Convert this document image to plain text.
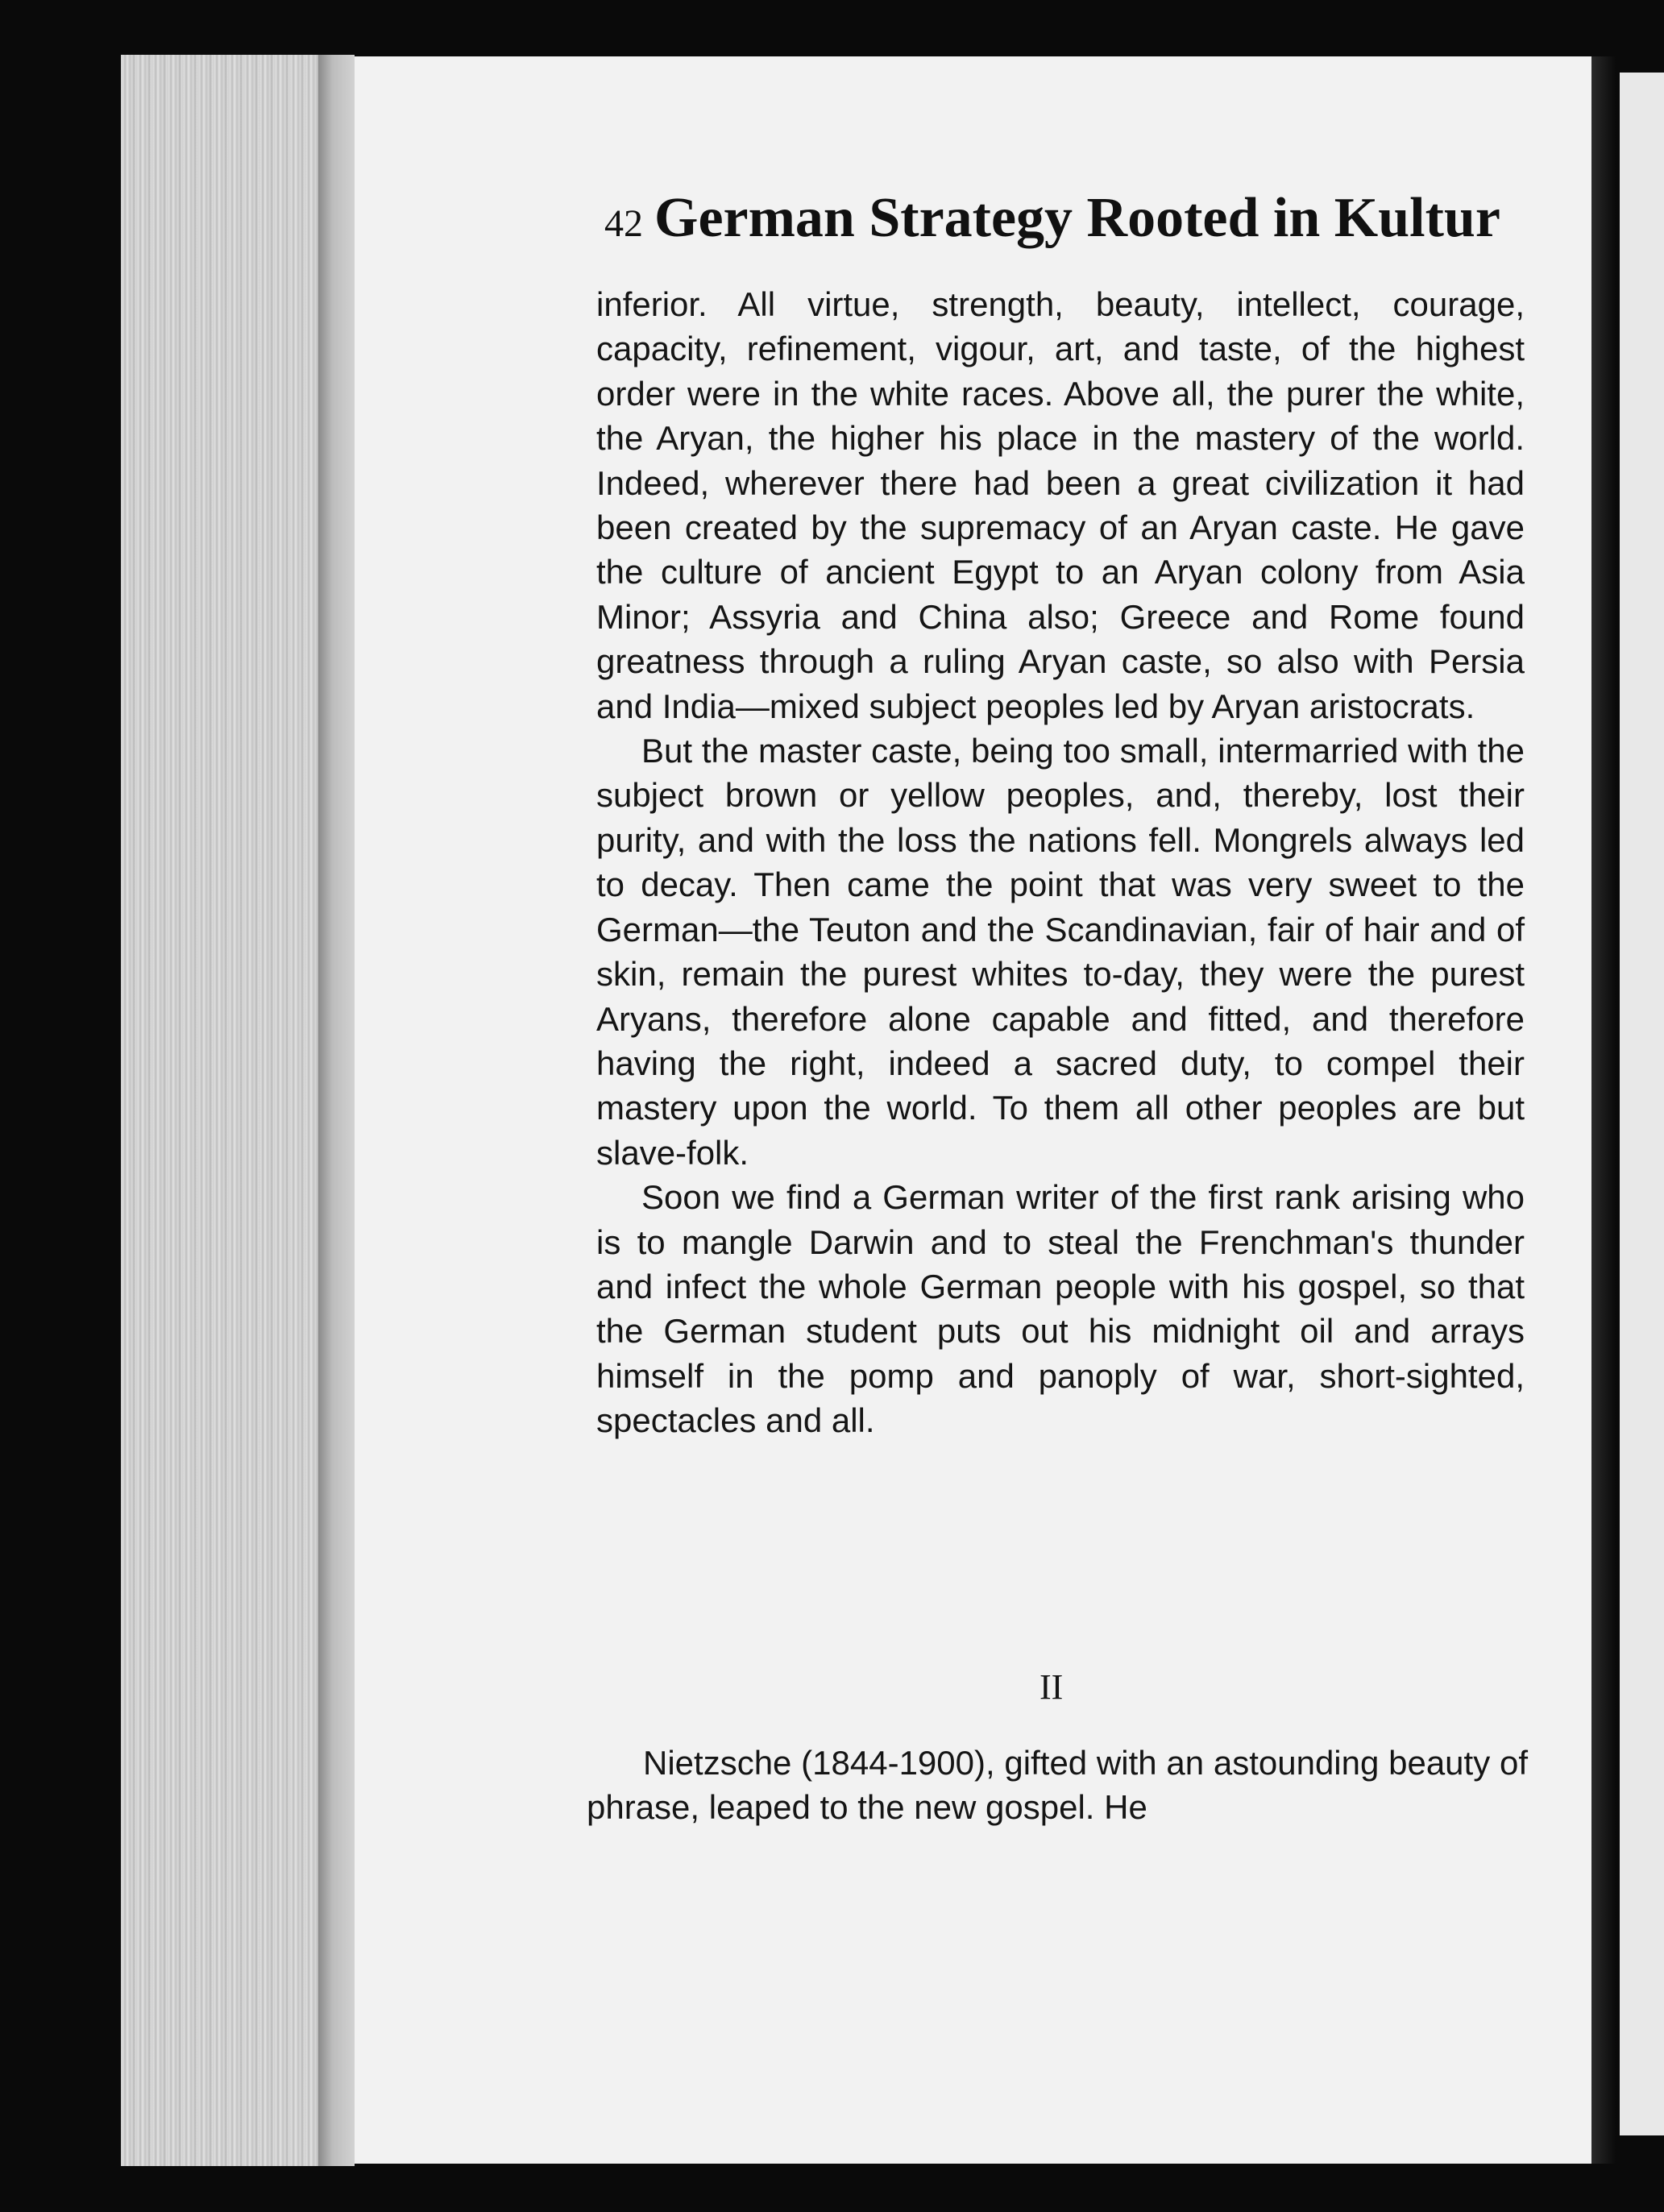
42 German Strategy Rooted in Kultur

inferior. All virtue, strength, beauty, intellect, courage, capacity, refinement, vigour, art, and taste, of the highest order were in the white races. Above all, the purer the white, the Aryan, the higher his place in the mastery of the world. Indeed, wherever there had been a great civilization it had been created by the supremacy of an Aryan caste. He gave the culture of ancient Egypt to an Aryan colony from Asia Minor; Assyria and China also; Greece and Rome found greatness through a ruling Aryan caste, so also with Persia and India—mixed subject peoples led by Aryan aristocrats.

But the master caste, being too small, intermarried with the subject brown or yellow peoples, and, thereby, lost their purity, and with the loss the nations fell. Mongrels always led to decay. Then came the point that was very sweet to the German—the Teuton and the Scandinavian, fair of hair and of skin, remain the purest whites to-day, they were the purest Aryans, therefore alone capable and fitted, and therefore having the right, indeed a sacred duty, to compel their mastery upon the world. To them all other peoples are but slave-folk.

Soon we find a German writer of the first rank arising who is to mangle Darwin and to steal the Frenchman's thunder and infect the whole German people with his gospel, so that the German student puts out his midnight oil and arrays himself in the pomp and panoply of war, short-sighted, spectacles and all.

II

Nietzsche (1844-1900), gifted with an astounding beauty of phrase, leaped to the new gospel. He
